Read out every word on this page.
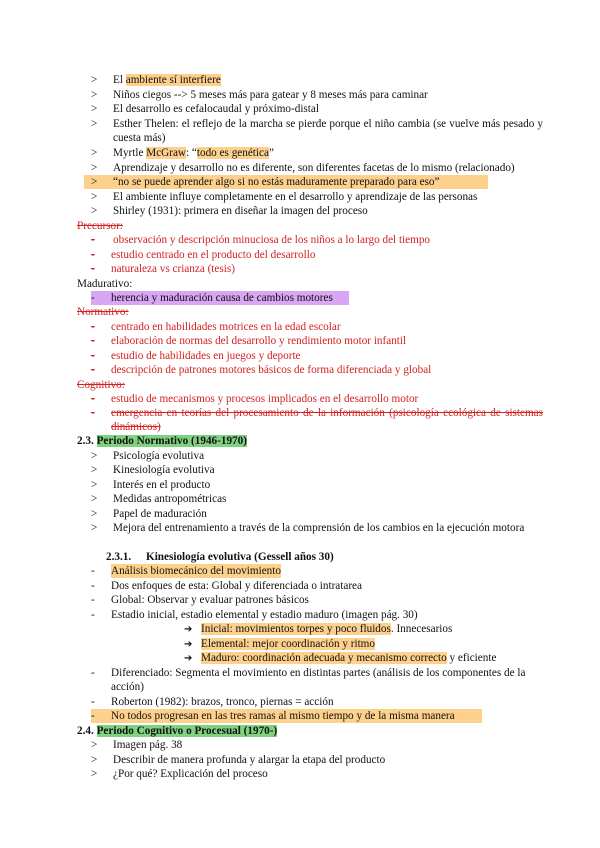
> El ambiente sí interfiere
> Niños ciegos --> 5 meses más para gatear y 8 meses más para caminar
> El desarrollo es cefalocaudal y próximo-distal
> Esther Thelen: el reflejo de la marcha se pierde porque el niño cambia (se vuelve más pesado y cuesta más)
> Myrtle McGraw: “todo es genética”
> Aprendizaje y desarrollo no es diferente, son diferentes facetas de lo mismo (relacionado)
> “no se puede aprender algo si no estás maduramente preparado para eso”
> El ambiente influye completamente en el desarrollo y aprendizaje de las personas
> Shirley (1931): primera en diseñar la imagen del proceso
Precursor:
- observación y descripción minuciosa de los niños a lo largo del tiempo
- estudio centrado en el producto del desarrollo
- naturaleza vs crianza (tesis)
Madurativo:
- herencia y maduración causa de cambios motores
Normativo:
- centrado en habilidades motrices en la edad escolar
- elaboración de normas del desarrollo y rendimiento motor infantil
- estudio de habilidades en juegos y deporte
- descripción de patrones motores básicos de forma diferenciada y global
Cognitivo:
- estudio de mecanismos y procesos implicados en el desarrollo motor
- emergencia en teorías del procesamiento de la información (psicología ecológica de sistemas dinámicos)
2.3. Periodo Normativo (1946-1970)
> Psicología evolutiva
> Kinesiología evolutiva
> Interés en el producto
> Medidas antropométricas
> Papel de maduración
> Mejora del entrenamiento a través de la comprensión de los cambios en la ejecución motora
2.3.1. Kinesiología evolutiva (Gessell años 30)
- Análisis biomecánico del movimiento
- Dos enfoques de esta: Global y diferenciada o intratarea
- Global: Observar y evaluar patrones básicos
- Estadio inicial, estadio elemental y estadio maduro (imagen pág. 30)
➔ Inicial: movimientos torpes y poco fluidos. Innecesarios
➔ Elemental: mejor coordinación y ritmo
➔ Maduro: coordinación adecuada y mecanismo correcto y eficiente
- Diferenciado: Segmenta el movimiento en distintas partes (análisis de los componentes de la acción)
- Roberton (1982): brazos, tronco, piernas = acción
- No todos progresan en las tres ramas al mismo tiempo y de la misma manera
2.4. Periodo Cognitivo o Procesual (1970-)
> Imagen pág. 38
> Describir de manera profunda y alargar la etapa del producto
> ¿Por qué? Explicación del proceso
